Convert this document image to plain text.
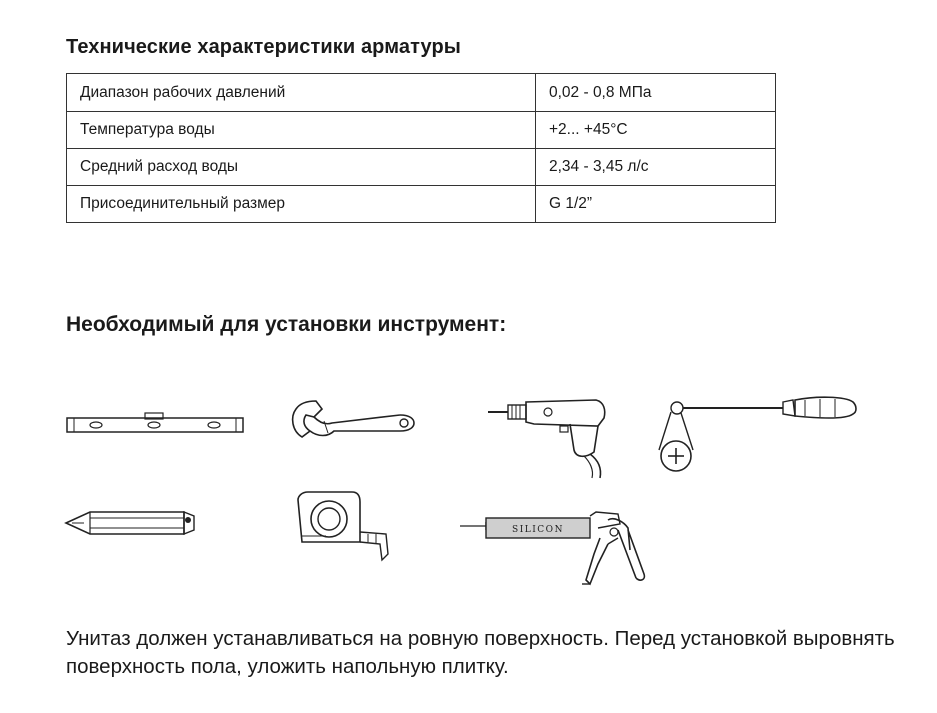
Технические характеристики арматуры
Диапазон рабочих давлений	0,02 - 0,8 МПа
Температура воды	+2... +45°C
Средний расход воды	2,34 - 3,45 л/с
Присоединительный размер	G 1/2”
Необходимый для установки инструмент:
SILICON
Унитаз должен устанавливаться на ровную поверхность. Перед установкой выровнять поверхность пола, уложить напольную плитку.
